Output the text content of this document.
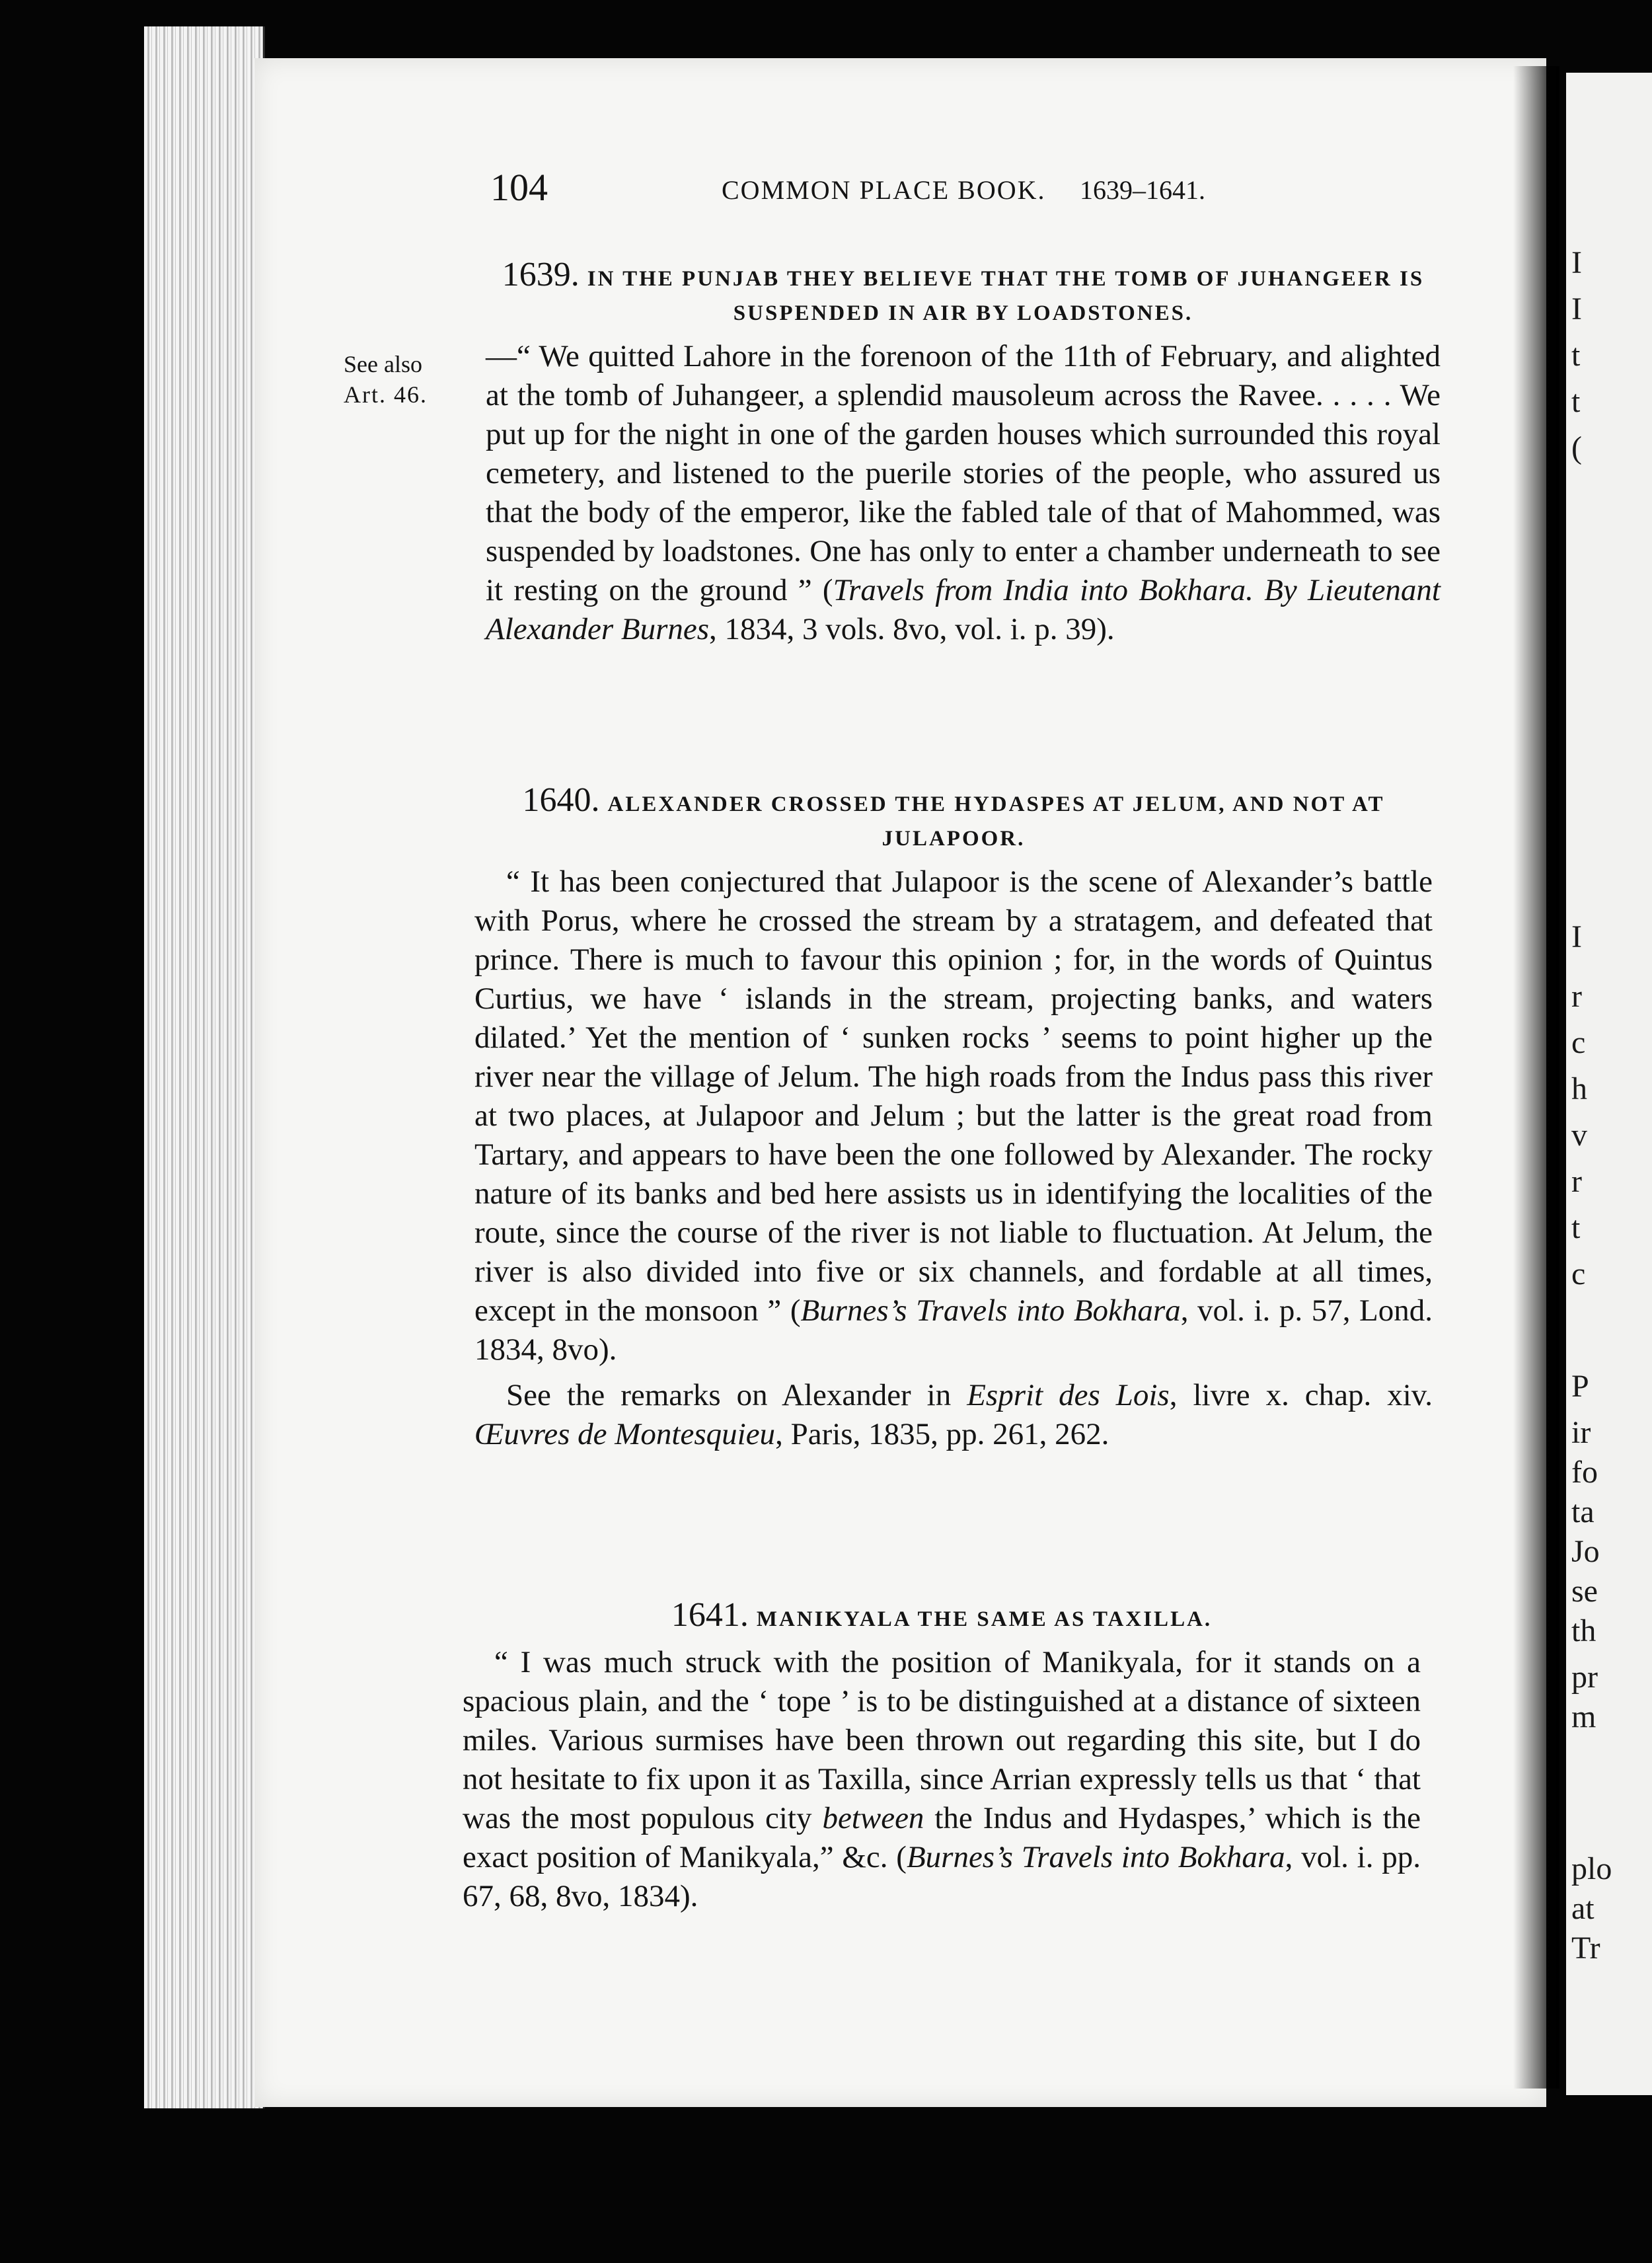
I
I
t
t
(
I
r
c
h
v
r
t
c
P
ir
fo
ta
Jo
se
th
pr
m
plo
at
Tr
104	COMMON PLACE BOOK. 1639–1641.
See also
Art. 46.
1639. IN THE PUNJAB THEY BELIEVE THAT THE TOMB OF JUHANGEER IS SUSPENDED IN AIR BY LOADSTONES.

—“ We quitted Lahore in the forenoon of the 11th of February, and alighted at the tomb of Juhangeer, a splendid mausoleum across the Ravee. . . . . We put up for the night in one of the garden houses which surrounded this royal cemetery, and listened to the puerile stories of the people, who assured us that the body of the emperor, like the fabled tale of that of Mahommed, was suspended by loadstones. One has only to enter a chamber underneath to see it resting on the ground ” (Travels from India into Bokhara. By Lieutenant Alexander Burnes, 1834, 3 vols. 8vo, vol. i. p. 39).

1640. ALEXANDER CROSSED THE HYDASPES AT JELUM, AND NOT AT JULAPOOR.

“ It has been conjectured that Julapoor is the scene of Alexander’s battle with Porus, where he crossed the stream by a stratagem, and defeated that prince. There is much to favour this opinion ; for, in the words of Quintus Curtius, we have ‘ islands in the stream, projecting banks, and waters dilated.’ Yet the mention of ‘ sunken rocks ’ seems to point higher up the river near the village of Jelum. The high roads from the Indus pass this river at two places, at Julapoor and Jelum ; but the latter is the great road from Tartary, and appears to have been the one followed by Alexander. The rocky nature of its banks and bed here assists us in identifying the localities of the route, since the course of the river is not liable to fluctuation. At Jelum, the river is also divided into five or six channels, and fordable at all times, except in the monsoon ” (Burnes’s Travels into Bokhara, vol. i. p. 57, Lond. 1834, 8vo).

See the remarks on Alexander in Esprit des Lois, livre x. chap. xiv. Œuvres de Montesquieu, Paris, 1835, pp. 261, 262.

1641. MANIKYALA THE SAME AS TAXILLA.

“ I was much struck with the position of Manikyala, for it stands on a spacious plain, and the ‘ tope ’ is to be distinguished at a distance of sixteen miles. Various surmises have been thrown out regarding this site, but I do not hesitate to fix upon it as Taxilla, since Arrian expressly tells us that ‘ that was the most populous city between the Indus and Hydaspes,’ which is the exact position of Manikyala,” &c. (Burnes’s Travels into Bokhara, vol. i. pp. 67, 68, 8vo, 1834).
